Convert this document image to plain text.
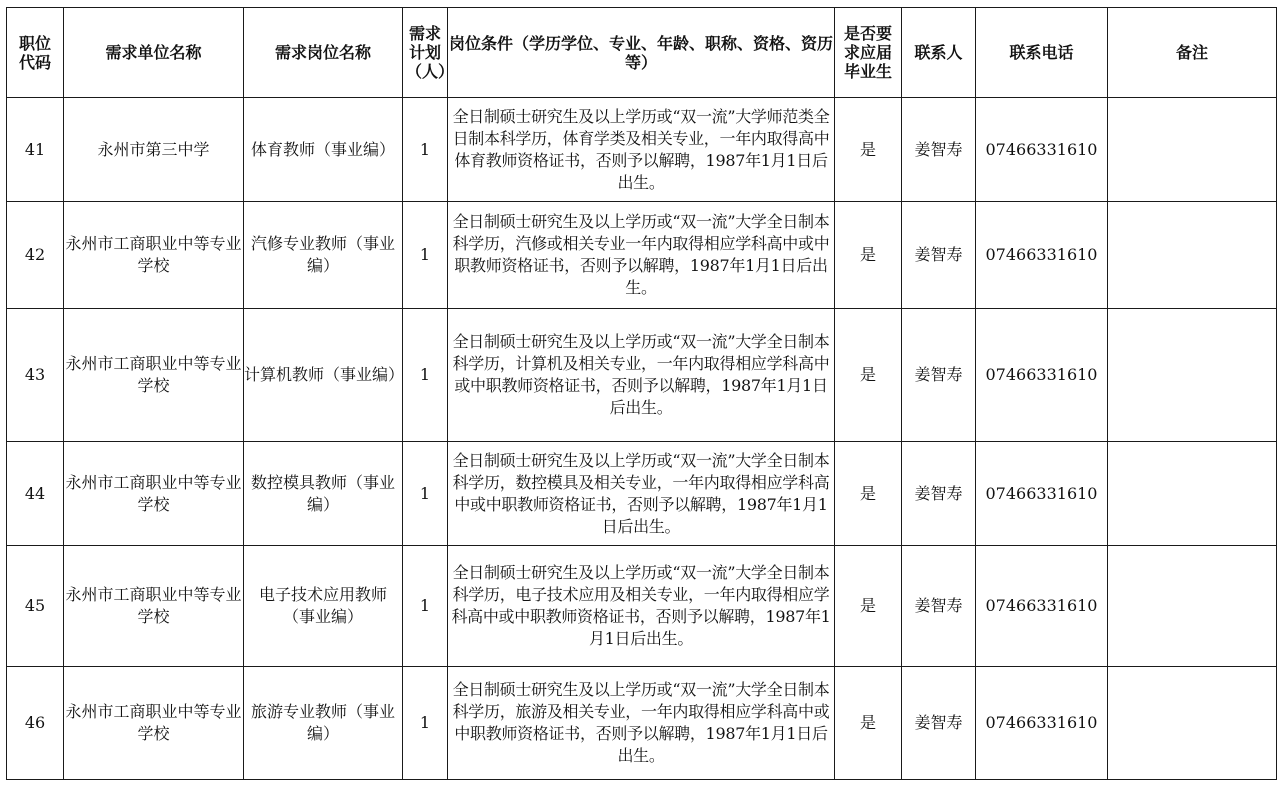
职位代码	需求单位名称	需求岗位名称	需求计划（人）	岗位条件（学历学位、专业、年龄、职称、资格、资历等）	是否要求应届毕业生	联系人	联系电话	备注
41	永州市第三中学	体育教师（事业编）	1	全日制硕士研究生及以上学历或“双一流”大学师范类全日制本科学历，体育学类及相关专业，一年内取得高中体育教师资格证书，否则予以解聘，1987年1月1日后出生。	是	姜智寿	07466331610	
42	永州市工商职业中等专业学校	汽修专业教师（事业编）	1	全日制硕士研究生及以上学历或“双一流”大学全日制本科学历，汽修或相关专业一年内取得相应学科高中或中职教师资格证书，否则予以解聘，1987年1月1日后出生。	是	姜智寿	07466331610	
43	永州市工商职业中等专业学校	计算机教师（事业编）	1	全日制硕士研究生及以上学历或“双一流”大学全日制本科学历，计算机及相关专业，一年内取得相应学科高中或中职教师资格证书，否则予以解聘，1987年1月1日后出生。	是	姜智寿	07466331610	
44	永州市工商职业中等专业学校	数控模具教师（事业编）	1	全日制硕士研究生及以上学历或“双一流”大学全日制本科学历，数控模具及相关专业，一年内取得相应学科高中或中职教师资格证书，否则予以解聘，1987年1月1日后出生。	是	姜智寿	07466331610	
45	永州市工商职业中等专业学校	电子技术应用教师（事业编）	1	全日制硕士研究生及以上学历或“双一流”大学全日制本科学历，电子技术应用及相关专业，一年内取得相应学科高中或中职教师资格证书，否则予以解聘，1987年1月1日后出生。	是	姜智寿	07466331610	
46	永州市工商职业中等专业学校	旅游专业教师（事业编）	1	全日制硕士研究生及以上学历或“双一流”大学全日制本科学历，旅游及相关专业，一年内取得相应学科高中或中职教师资格证书，否则予以解聘，1987年1月1日后出生。	是	姜智寿	07466331610	
